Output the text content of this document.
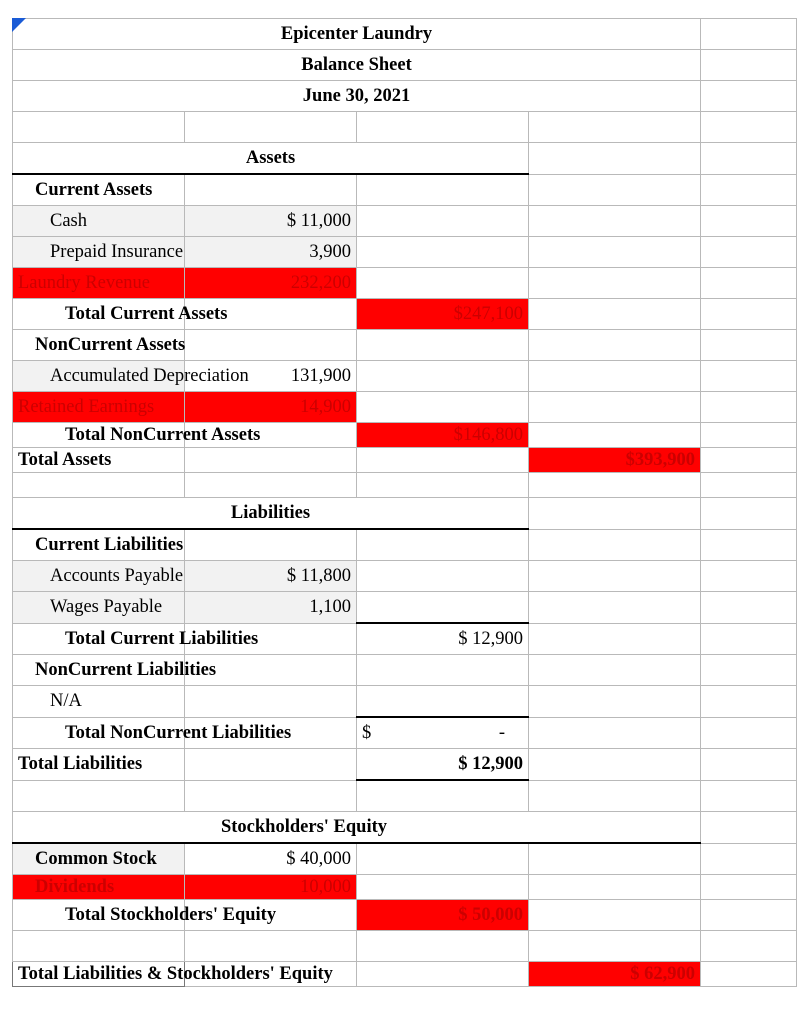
Epicenter Laundry				
Balance Sheet				
June 30, 2021				

Assets				
Current Assets				
Cash	$ 11,000			
Prepaid Insurance	3,900			
Laundry Revenue	232,200			
Total Current Assets		$247,100		
NonCurrent Assets				
Accumulated Depreciation	131,900			
Retained Earnings	14,900			
Total NonCurrent Assets		$146,800		
Total Assets			$393,900	

Liabilities				
Current Liabilities				
Accounts Payable	$ 11,800			
Wages Payable	1,100			
Total Current Liabilities		$ 12,900		
NonCurrent Liabilities				
N/A				
Total NonCurrent Liabilities		$ -		

Total Liabilities		$ 12,900		

Stockholders' Equity				
Common Stock	$ 40,000			
Dividends	10,000			
Total Stockholders' Equity		$ 50,000		

Total Liabilities & Stockholders' Equity			$ 62,900	
